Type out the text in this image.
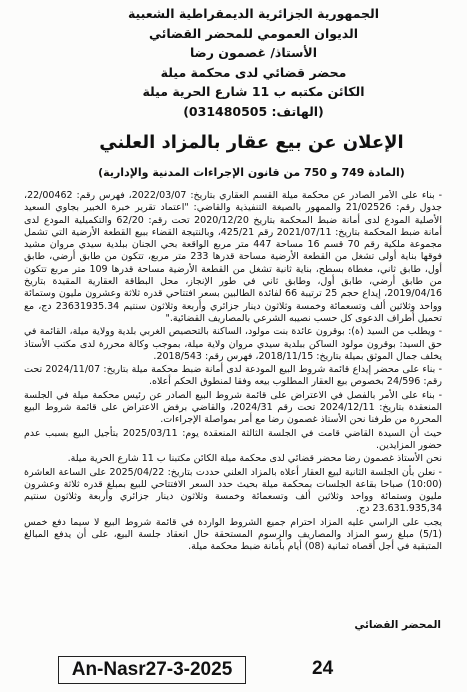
الجمهورية الجزائرية الديمقراطية الشعبية
الديوان العمومي للمحضر القضائي
الأستاذ/ غصمون رضا
محضر قضائي لدى محكمة ميلة
الكائن مكتبه ب 11 شارع الحرية ميلة
(الهاتف: 031480505)
الإعلان عن بيع عقار بالمزاد العلني
(المادة 749 و 750 من قانون الإجراءات المدنية والإدارية)

- بناء على الأمر الصادر عن محكمة ميلة القسم العقاري بتاريخ: 2022/03/07، فهرس رقم: 22/00462، جدول رقم: 21/02526 والممهور بالصيغة التنفيذية والقاضي: "اعتماد تقرير خبرة الخبير بجاوي السعيد الأصلية المودع لدى أمانة ضبط المحكمة بتاريخ 2020/12/20 تحت رقم: 62/20 والتكميلية المودع لدى أمانة ضبط المحكمة بتاريخ: 2021/07/11 رقم 425/21، وبالنتيجة القضاء ببيع القطعة الأرضية التي تشمل مجموعة ملكية رقم 70 قسم 16 مساحة 447 متر مربع الواقعة بحي الجنان ببلدية سيدي مروان مشيد فوقها بناية أولى تشغل من القطعة الأرضية مساحة قدرها 233 متر مربع، تتكون من طابق أرضي، طابق أول، طابق ثاني، مغطاة بسطح، بناية ثانية تشغل من القطعة الأرضية مساحة قدرها 109 متر مربع تتكون من طابق أرضي، طابق أول، وطابق ثاني في طور الإنجاز، محل البطاقة العقارية المقيدة بتاريخ 2019/04/16، إيداع حجم 25 ترتيبة 66 لفائدة الطالبين بسعر افتتاحي قدره ثلاثة وعشرون مليون وستمائة وواحد وثلاثين ألف وتسعمائة وخمسة وثلاثون دينار جزائري وأربعة وثلاثون سنتيم 23631935.34 دج، مع تحميل أطراف الدعوى كل حسب نصيبه الشرعي بالمصاريف القضائية."

- ويطلب من السيد (ة): بوقرون عائدة بنت مولود، الساكنة بالتحصيص الغربي بلدية وولاية ميلة، القائمة في حق السيد: بوقرون مولود الساكن ببلدية سيدي مروان ولاية ميلة، بموجب وكالة محررة لدى مكتب الأستاذ يخلف جمال الموثق بميلة بتاريخ: 2018/11/15، فهرس رقم: 2018/543.

- بناء على محضر إيداع قائمة شروط البيع المودعة لدى أمانة ضبط محكمة ميلة بتاريخ: 2024/11/07 تحت رقم: 24/596 بخصوص بيع العقار المطلوب بيعه وفقا لمنطوق الحكم أعلاه.

- بناء على الأمر بالفصل في الاعتراض على قائمة شروط البيع الصادر عن رئيس محكمة ميلة في الجلسة المنعقدة بتاريخ: 2024/12/11 تحت رقم 2024/31، والقاضي برفض الاعتراض على قائمة شروط البيع المحررة من طرفنا نحن الأستاذ غصمون رضا مع أمر بمواصلة الإجراءات.

حيث أن السيدة القاضي قامت في الجلسة الثالثة المنعقدة يوم: 2025/03/11 بتأجيل البيع بسبب عدم حضور المزايدين.

نحن الأستاذ غصمون رضا محضر قضائي لدى محكمة ميلة الكائن مكتبنا ب 11 شارع الحرية ميلة.

- نعلن بأن الجلسة الثانية لبيع العقار أعلاه بالمزاد العلني حددت بتاريخ: 2025/04/22 على الساعة العاشرة (10:00) صباحا بقاعة الجلسات بمحكمة ميلة بحيث حدد السعر الافتتاحي للبيع بمبلغ قدره ثلاثة وعشرون مليون وستمائة وواحد وثلاثين ألف وتسعمائة وخمسة وثلاثون دينار جزائري وأربعة وثلاثون سنتيم 23.631.935,34 دج.

يجب على الراسي عليه المزاد احترام جميع الشروط الواردة في قائمة شروط البيع لا سيما دفع خمس (5/1) مبلغ رسو المزاد والمصاريف والرسوم المستحقة حال انعقاد جلسة البيع، على أن يدفع المبالغ المتبقية في أجل أقصاه ثمانية (08) أيام بأمانة ضبط محكمة ميلة.

المحضر القضائي
An-Nasr27-3-2025	24
